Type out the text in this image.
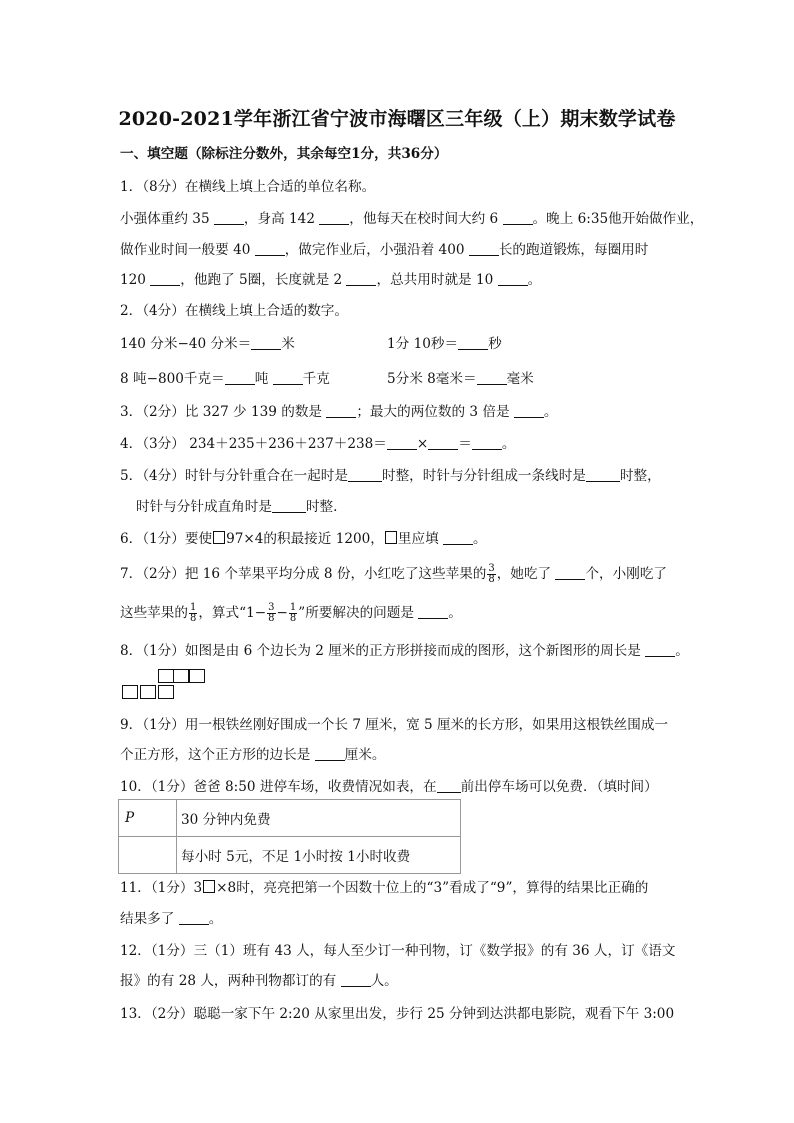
2020-2021学年浙江省宁波市海曙区三年级（上）期末数学试卷
一、填空题（除标注分数外，其余每空1分，共36分）
1．（8分）在横线上填上合适的单位名称。
小强体重约 35 ，身高 142 ，他每天在校时间大约 6 。晚上 6:35他开始做作业，
做作业时间一般要 40 ，做完作业后，小强沿着 400 长的跑道锻炼，每圈用时
120 ，他跑了 5圈，长度就是 2 ，总共用时就是 10 。
2．（4分）在横线上填上合适的数字。
140 分米−40 分米＝ 米	1分 10秒＝ 秒
8 吨−800千克＝ 吨 千克	5分米 8毫米＝ 毫米
3．（2分）比 327 少 139 的数是 ；最大的两位数的 3 倍是 。
4．（3分） 234＋235＋236＋237＋238＝ × ＝ 。
5．（4分）时针与分针重合在一起时是	时整，时针与分针组成一条线时是	时整，
时针与分针成直角时是	时整.
6．（1分）要使 97×4的积最接近 1200， 里应填 。
7．（2分）把 16 个苹果平均分成 8 份，小红吃了这些苹果的 $\frac{3}{8}$ ，她吃了 个，小刚吃了
这些苹果的 $\frac{1}{8}$ ，算式“$1- \frac{3}{8} - \frac{1}{8}$ ”所要解决的问题是 。
8．（1分）如图是由 6 个边长为 2 厘米的正方形拼接而成的图形，这个新图形的周长是 。
9．（1分）用一根铁丝刚好围成一个长 7 厘米，宽 5 厘米的长方形，如果用这根铁丝围成一
个正方形，这个正方形的边长是 厘米。
10．（1分）爸爸 8:50 进停车场，收费情况如表，在 前出停车场可以免费．（填时间）
P	30 分钟内免费
	每小时 5元，不足 1小时按 1小时收费
11．（1分）3 ×8时，亮亮把第一个因数十位上的“3”看成了“9”，算得的结果比正确的
结果多了 。
12．（1分）三（1）班有 43 人，每人至少订一种刊物，订《数学报》的有 36 人，订《语文
报》的有 28 人，两种刊物都订的有 人。
13．（2分）聪聪一家下午 2:20 从家里出发，步行 25 分钟到达洪都电影院，观看下午 3:00
